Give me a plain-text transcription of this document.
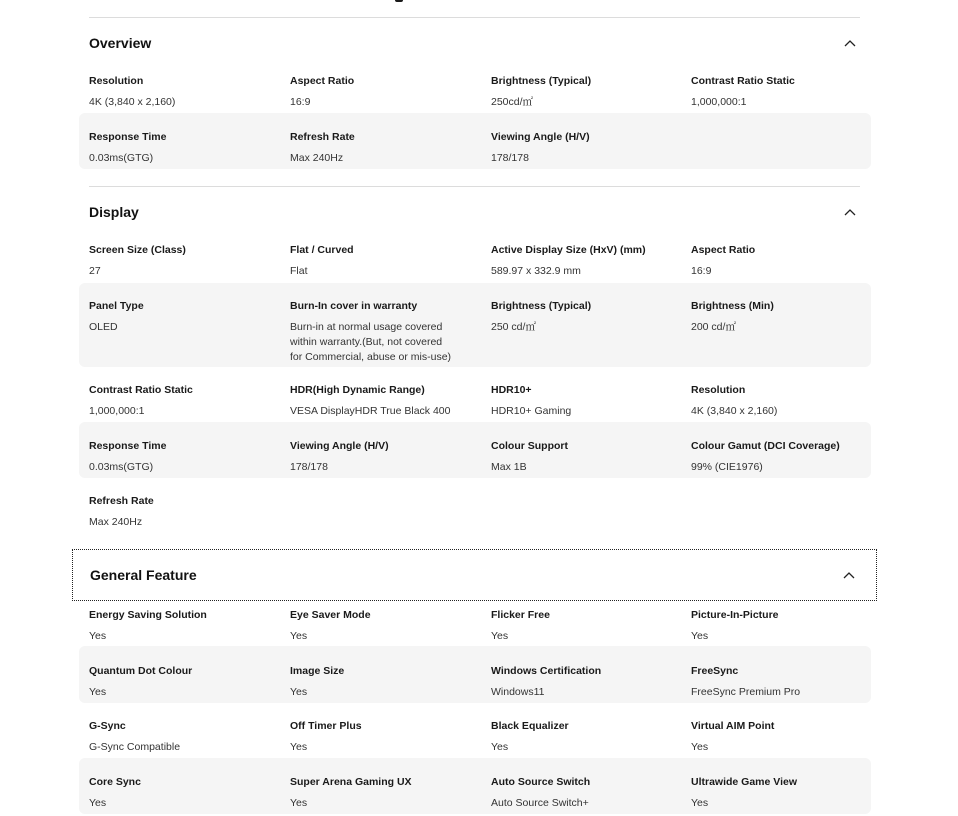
Overview
Resolution
4K (3,840 x 2,160)
Aspect Ratio
16:9
Brightness (Typical)
250cd/㎡
Contrast Ratio Static
1,000,000:1
Response Time
0.03ms(GTG)
Refresh Rate
Max 240Hz
Viewing Angle (H/V)
178/178
Display
Screen Size (Class)
27
Flat / Curved
Flat
Active Display Size (HxV) (mm)
589.97 x 332.9 mm
Aspect Ratio
16:9
Panel Type
OLED
Burn-In cover in warranty
Burn-in at normal usage covered within warranty.(But, not covered for Commercial, abuse or mis-use)
Brightness (Typical)
250 cd/㎡
Brightness (Min)
200 cd/㎡
Contrast Ratio Static
1,000,000:1
HDR(High Dynamic Range)
VESA DisplayHDR True Black 400
HDR10+
HDR10+ Gaming
Resolution
4K (3,840 x 2,160)
Response Time
0.03ms(GTG)
Viewing Angle (H/V)
178/178
Colour Support
Max 1B
Colour Gamut (DCI Coverage)
99% (CIE1976)
Refresh Rate
Max 240Hz
General Feature
Energy Saving Solution
Yes
Eye Saver Mode
Yes
Flicker Free
Yes
Picture-In-Picture
Yes
Quantum Dot Colour
Yes
Image Size
Yes
Windows Certification
Windows11
FreeSync
FreeSync Premium Pro
G-Sync
G-Sync Compatible
Off Timer Plus
Yes
Black Equalizer
Yes
Virtual AIM Point
Yes
Core Sync
Yes
Super Arena Gaming UX
Yes
Auto Source Switch
Auto Source Switch+
Ultrawide Game View
Yes
